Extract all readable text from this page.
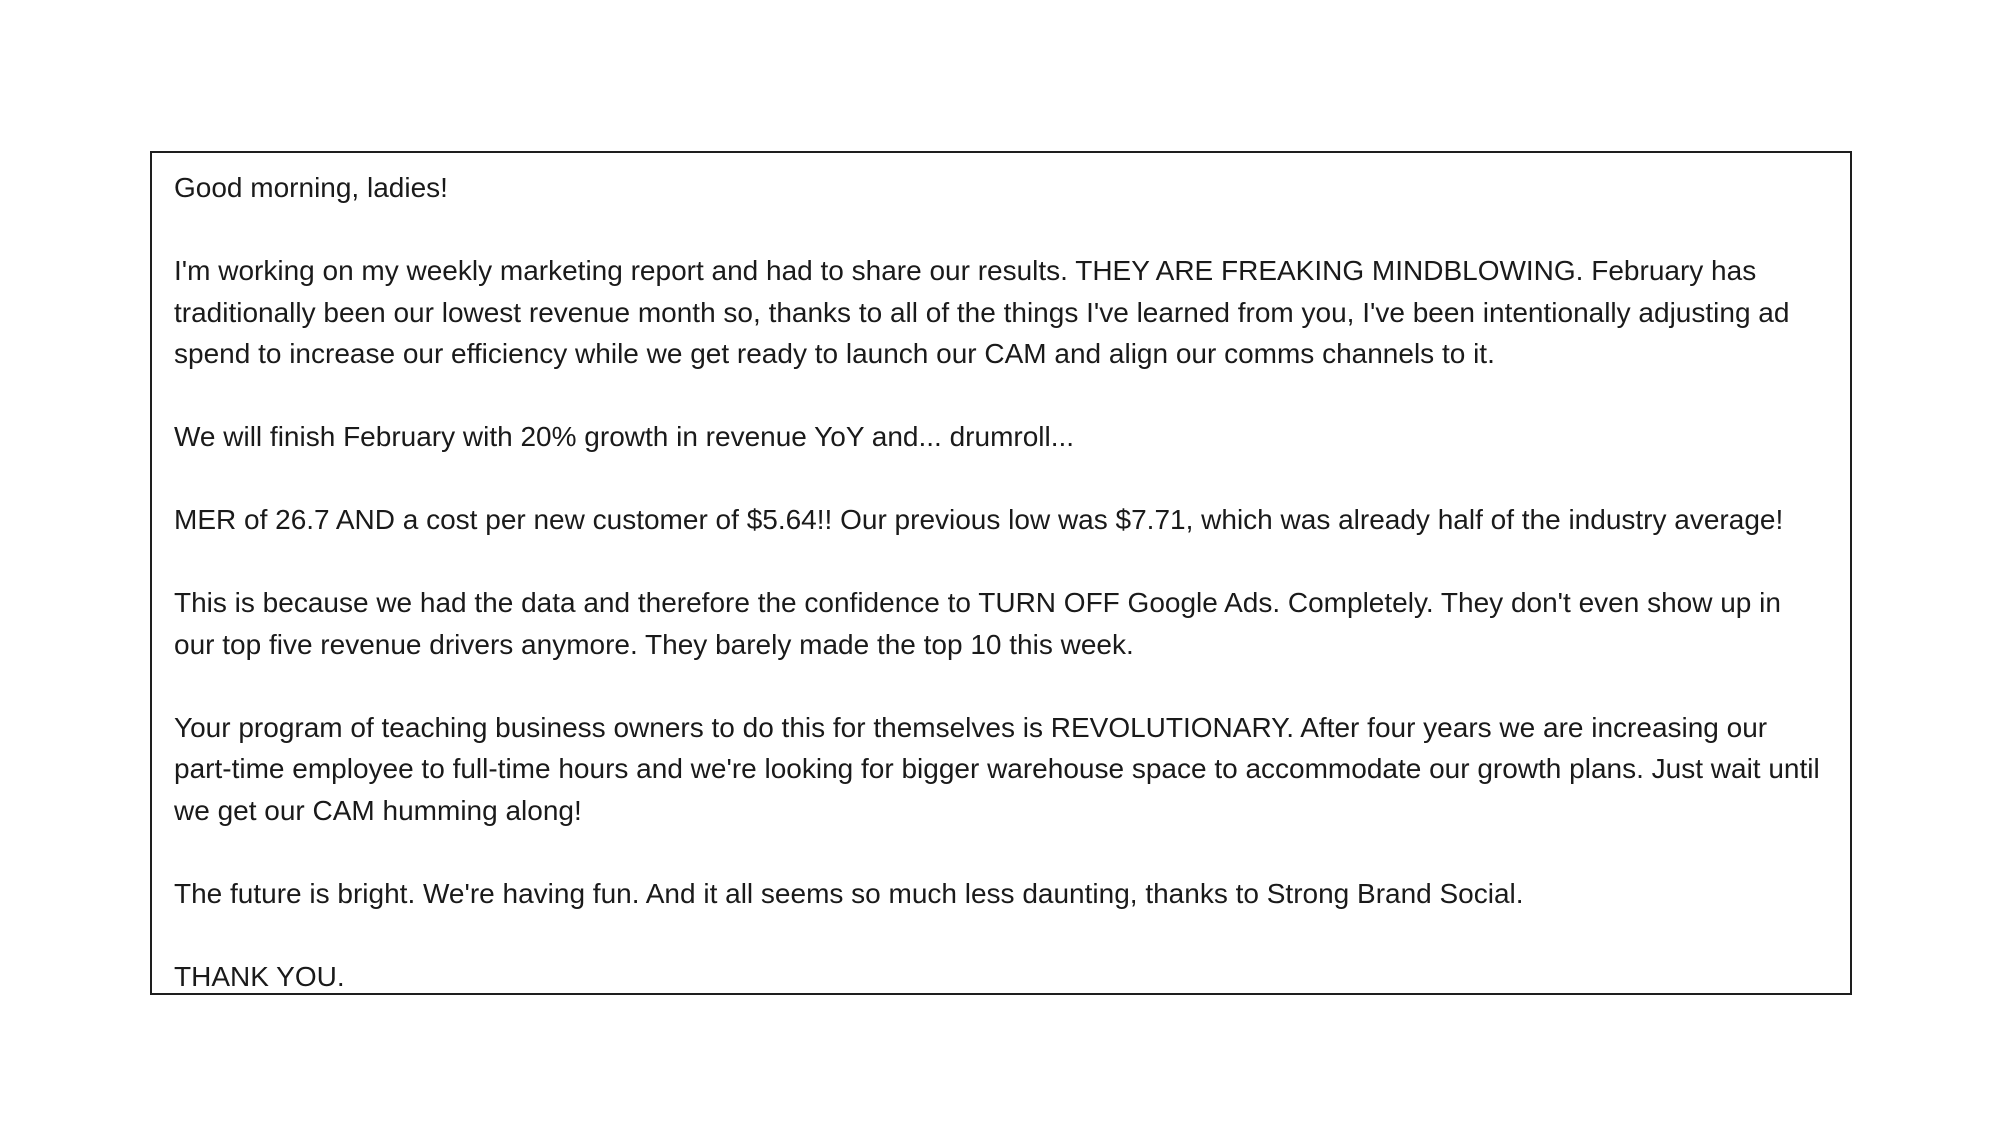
Good morning, ladies!

I'm working on my weekly marketing report and had to share our results. THEY ARE FREAKING MINDBLOWING. February has traditionally been our lowest revenue month so, thanks to all of the things I've learned from you, I've been intentionally adjusting ad spend to increase our efficiency while we get ready to launch our CAM and align our comms channels to it.

We will finish February with 20% growth in revenue YoY and... drumroll...

MER of 26.7 AND a cost per new customer of $5.64!! Our previous low was $7.71, which was already half of the industry average!

This is because we had the data and therefore the confidence to TURN OFF Google Ads. Completely. They don't even show up in our top five revenue drivers anymore. They barely made the top 10 this week.

Your program of teaching business owners to do this for themselves is REVOLUTIONARY. After four years we are increasing our part-time employee to full-time hours and we're looking for bigger warehouse space to accommodate our growth plans. Just wait until we get our CAM humming along!

The future is bright. We're having fun. And it all seems so much less daunting, thanks to Strong Brand Social.

THANK YOU.
